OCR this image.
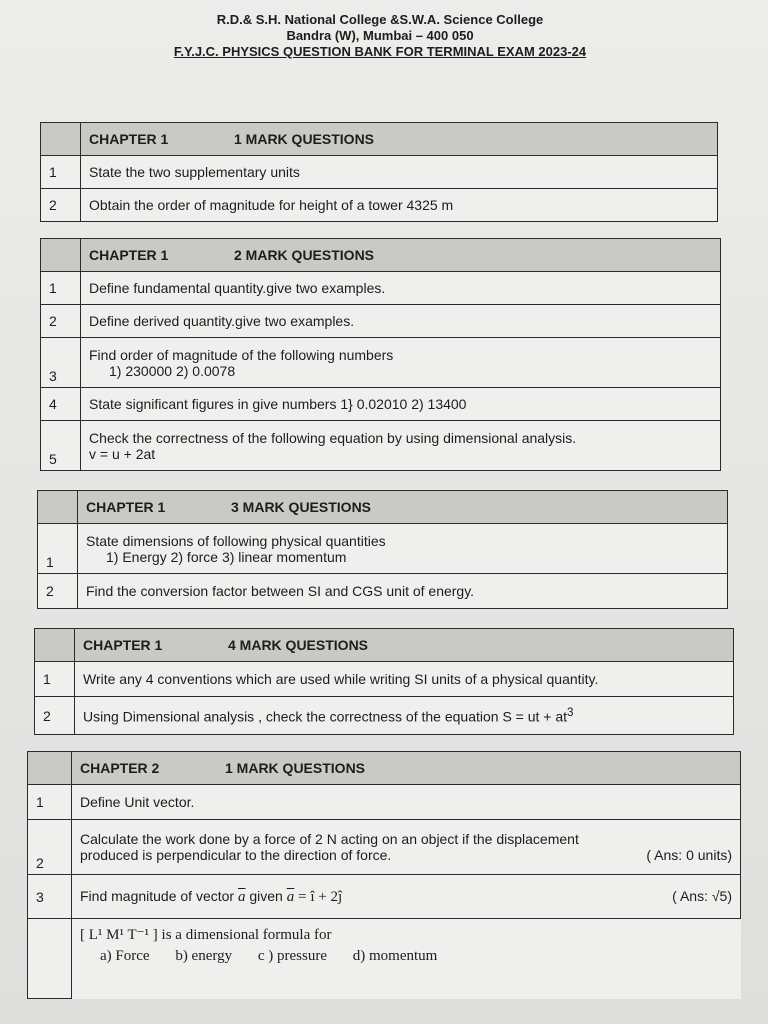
R.D.& S.H. National College &S.W.A. Science College
Bandra (W), Mumbai – 400 050
F.Y.J.C. PHYSICS QUESTION BANK FOR TERMINAL EXAM 2023-24
	CHAPTER 1 1 MARK QUESTIONS
1	State the two supplementary units
2	Obtain the order of magnitude for height of a tower 4325 m
	CHAPTER 1 2 MARK QUESTIONS
1	Define fundamental quantity.give two examples.
2	Define derived quantity.give two examples.
3	Find order of magnitude of the following numbers
1) 230000 2) 0.0078

4	State significant figures in give numbers 1} 0.02010 2) 13400
5	Check the correctness of the following equation by using dimensional analysis.
v = u + 2at
	CHAPTER 1 3 MARK QUESTIONS
1	State dimensions of following physical quantities
1) Energy 2) force 3) linear momentum

2	Find the conversion factor between SI and CGS unit of energy.
	CHAPTER 1 4 MARK QUESTIONS
1	Write any 4 conventions which are used while writing SI units of a physical quantity.
2	Using Dimensional analysis , check the correctness of the equation S = ut + $at^3$
	CHAPTER 2 1 MARK QUESTIONS
1	Define Unit vector.
2	Calculate the work done by a force of 2 N acting on an object if the displacement
produced is perpendicular to the direction of force. ( Ans: 0 units)

3	Find magnitude of vector $\overline{a}$ given $\overline{a}$ = î + 2ĵ ( Ans: √5)

	[ L¹ M¹ T⁻¹ ] is a dimensional formula for
a) Force b) energy c ) pressure d) momentum
